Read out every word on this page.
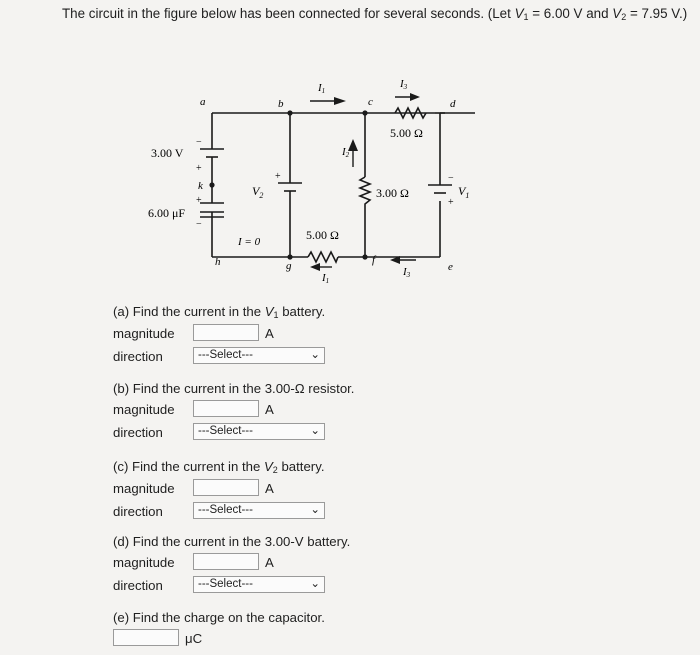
The circuit in the figure below has been connected for several seconds. (Let $V_1 = 6.00$ V and $V_2 = 7.95$ V.)
a	b	c	d
e
f
g
h
k
3.00 V
6.00 μF
$V_2$	$V_1$
I = 0
5.00 Ω
3.00 Ω
5.00 Ω
−
+
+
−
+	−
+
I1
I2
I3
I1
I3
(a) Find the current in the $V_1$ battery.
magnitude	A
direction	---Select---	⌄
(b) Find the current in the 3.00-Ω resistor.
magnitude	A
direction	---Select---	⌄
(c) Find the current in the $V_2$ battery.
magnitude	A
direction	---Select---	⌄
(d) Find the current in the 3.00-V battery.
magnitude	A
direction	---Select---	⌄
(e) Find the charge on the capacitor.
μC
